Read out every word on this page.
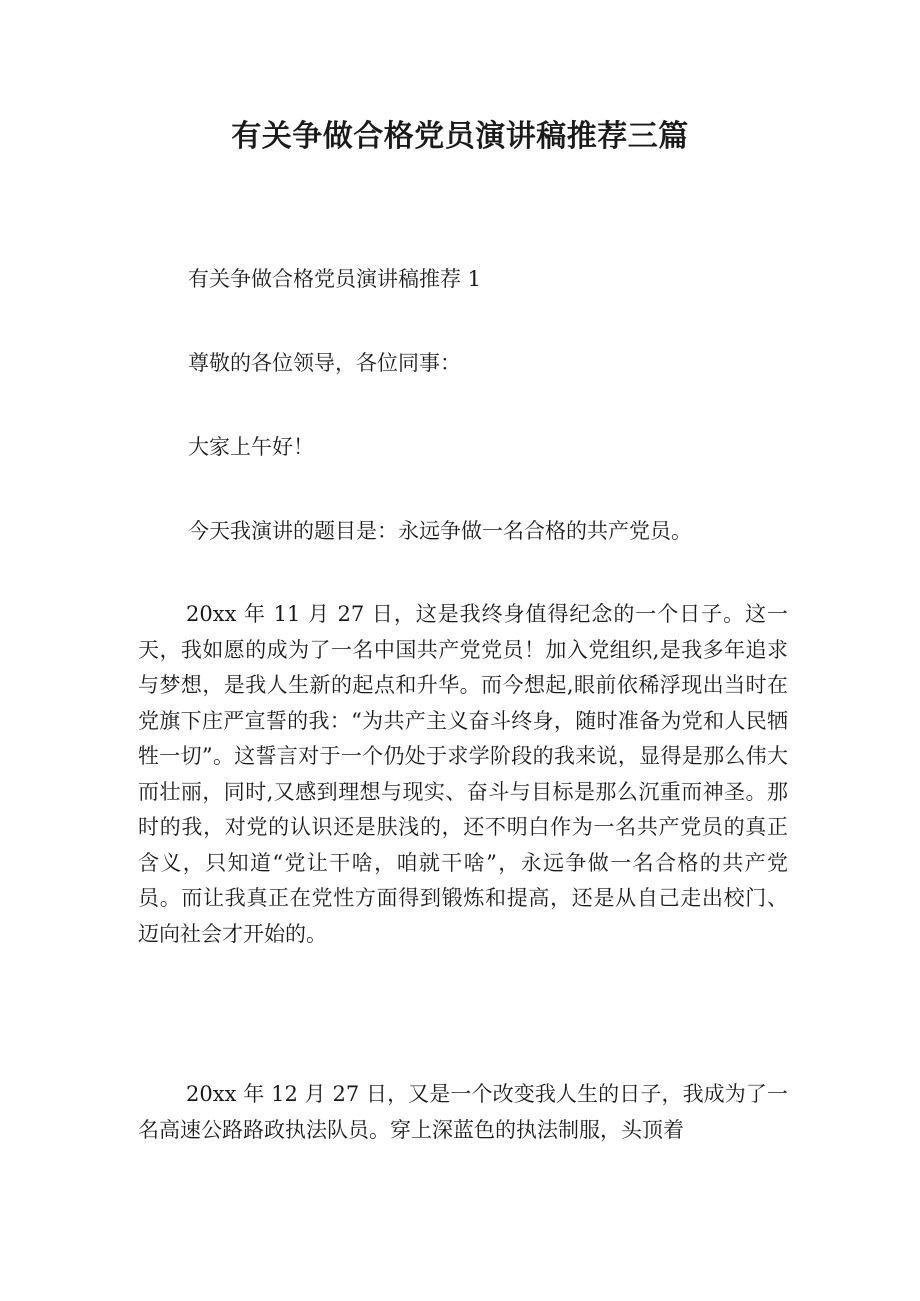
有关争做合格党员演讲稿推荐三篇

有关争做合格党员演讲稿推荐 1

尊敬的各位领导，各位同事：

大家上午好！

今天我演讲的题目是：永远争做一名合格的共产党员。

20xx 年 11 月 27 日，这是我终身值得纪念的一个日子。这一天，我如愿的成为了一名中国共产党党员！加入党组织,是我多年追求与梦想，是我人生新的起点和升华。而今想起,眼前依稀浮现出当时在党旗下庄严宣誓的我：“为共产主义奋斗终身，随时准备为党和人民牺牲一切”。这誓言对于一个仍处于求学阶段的我来说，显得是那么伟大而壮丽，同时,又感到理想与现实、奋斗与目标是那么沉重而神圣。那时的我，对党的认识还是肤浅的，还不明白作为一名共产党员的真正含义，只知道“党让干啥，咱就干啥”，永远争做一名合格的共产党员。而让我真正在党性方面得到锻炼和提高，还是从自己走出校门、迈向社会才开始的。

20xx 年 12 月 27 日，又是一个改变我人生的日子，我成为了一名高速公路路政执法队员。穿上深蓝色的执法制服，头顶着
